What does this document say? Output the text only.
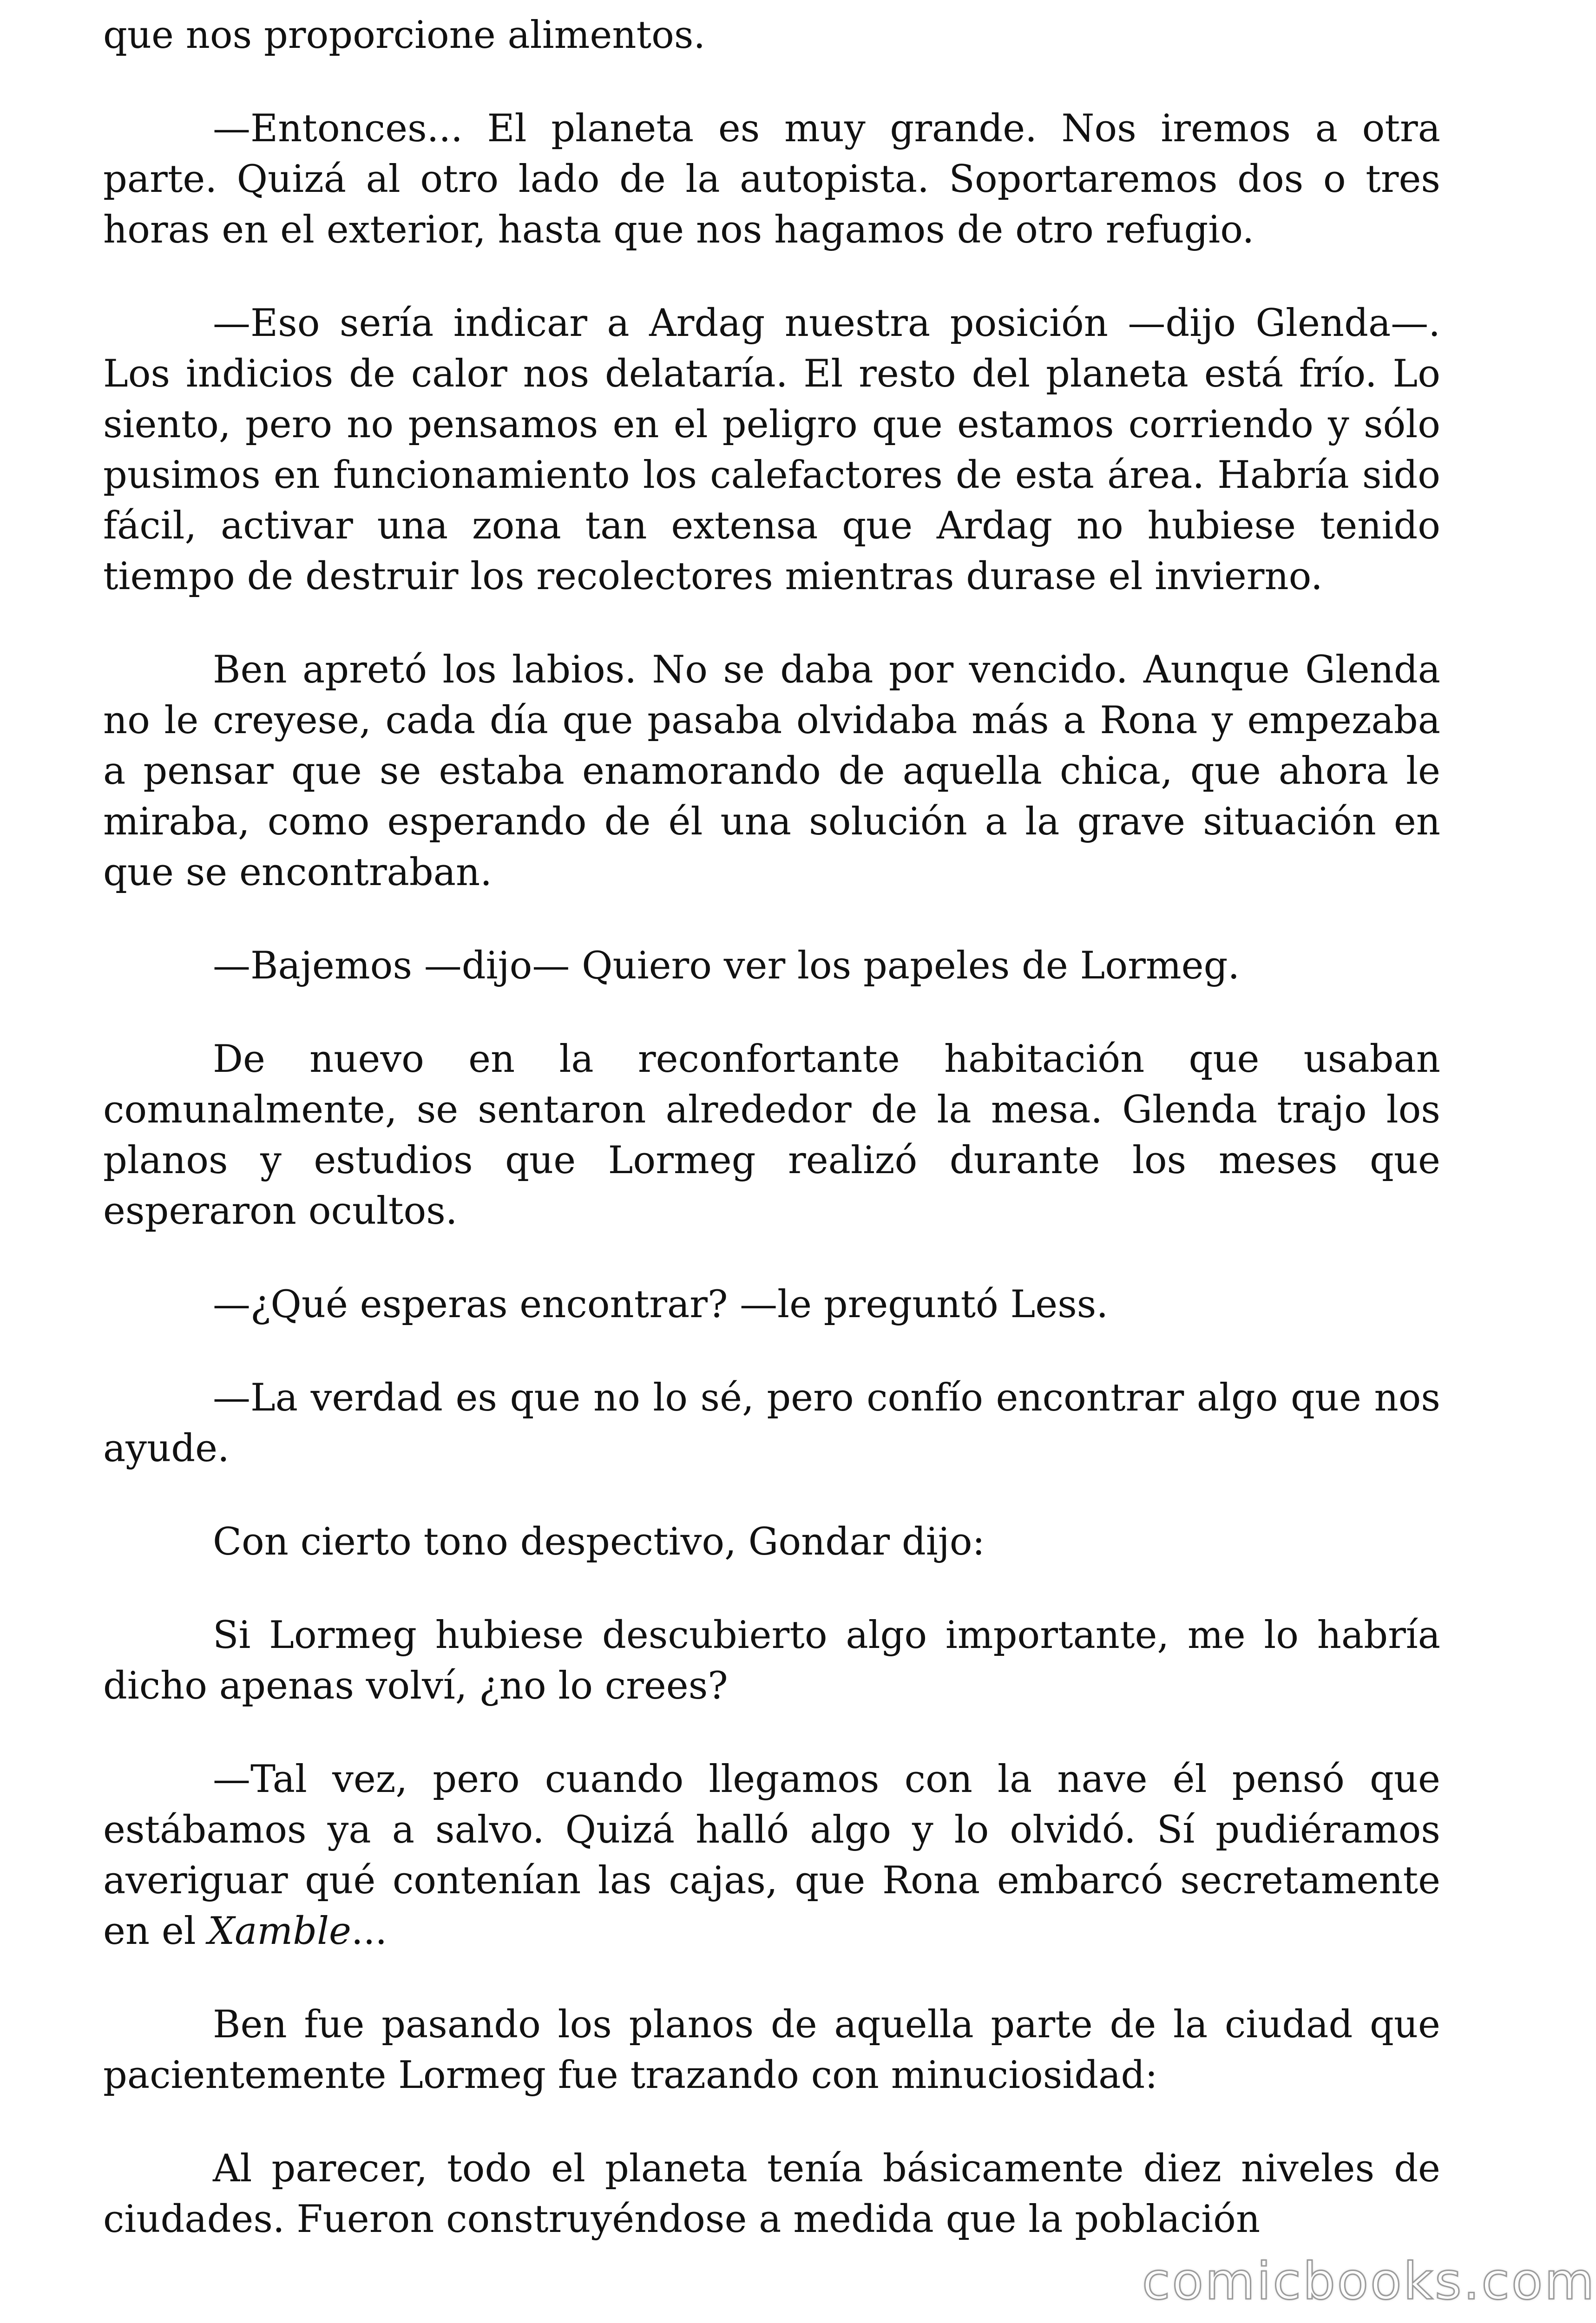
que nos proporcione alimentos.

—Entonces... El planeta es muy grande. Nos iremos a otra parte. Quizá al otro lado de la autopista. Soportaremos dos o tres horas en el exterior, hasta que nos hagamos de otro refugio.

—Eso sería indicar a Ardag nuestra posición —dijo Glenda—. Los indicios de calor nos delataría. El resto del planeta está frío. Lo siento, pero no pensamos en el peligro que estamos corriendo y sólo pusimos en funcionamiento los calefactores de esta área. Habría sido fácil, activar una zona tan extensa que Ardag no hubiese tenido tiempo de destruir los recolectores mientras durase el invierno.

Ben apretó los labios. No se daba por vencido. Aunque Glenda no le creyese, cada día que pasaba olvidaba más a Rona y empezaba a pensar que se estaba enamorando de aquella chica, que ahora le miraba, como esperando de él una solución a la grave situación en que se encontraban.

—Bajemos —dijo— Quiero ver los papeles de Lormeg.

De nuevo en la reconfortante habitación que usaban comunalmente, se sentaron alrededor de la mesa. Glenda trajo los planos y estudios que Lormeg realizó durante los meses que esperaron ocultos.

—¿Qué esperas encontrar? —le preguntó Less.

—La verdad es que no lo sé, pero confío encontrar algo que nos ayude.

Con cierto tono despectivo, Gondar dijo:

Si Lormeg hubiese descubierto algo importante, me lo habría dicho apenas volví, ¿no lo crees?

—Tal vez, pero cuando llegamos con la nave él pensó que estábamos ya a salvo. Quizá halló algo y lo olvidó. Sí pudiéramos averiguar qué contenían las cajas, que Rona embarcó secretamente en el Xamble...

Ben fue pasando los planos de aquella parte de la ciudad que pacientemente Lormeg fue trazando con minuciosidad:

Al parecer, todo el planeta tenía básicamente diez niveles de ciudades. Fueron construyéndose a medida que la población

comicbooks.com
